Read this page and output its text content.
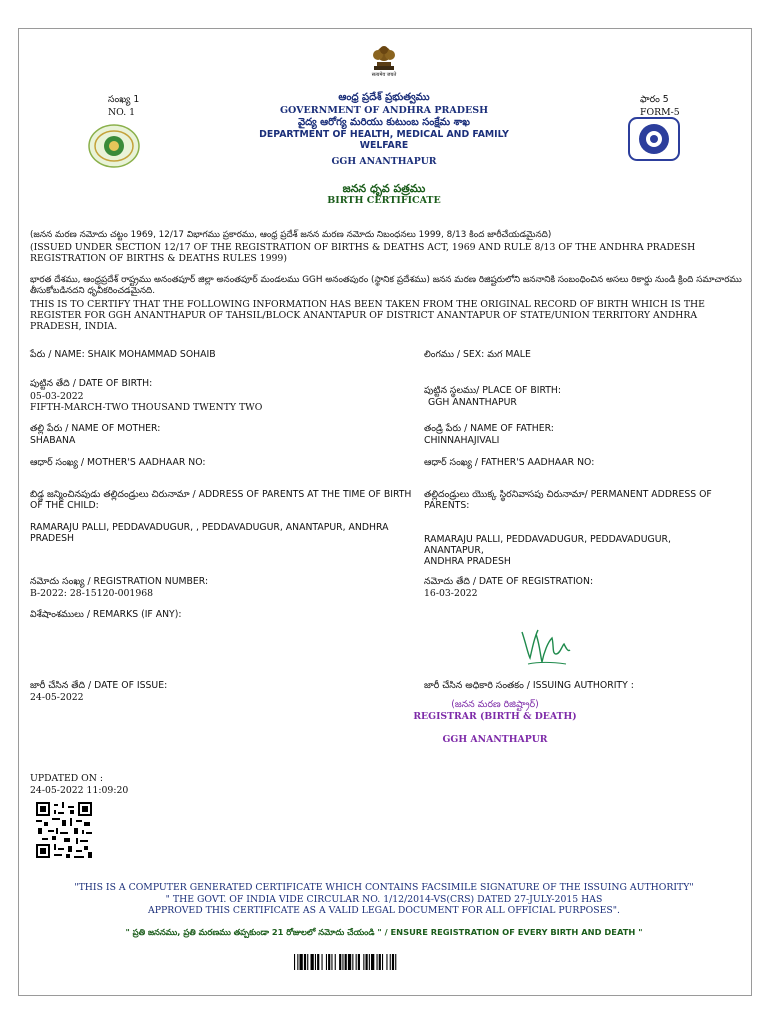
सत्यमेव जयते
సంఖ్య 1
NO. 1
ఆంధ్ర ప్రదేశ్ ప్రభుత్వము
GOVERNMENT OF ANDHRA PRADESH
వైద్య ఆరోగ్య మరియు కుటుంబ సంక్షేమ శాఖ
DEPARTMENT OF HEALTH, MEDICAL AND FAMILY WELFARE
ఫారం 5
FORM-5
GGH ANANTHAPUR
జనన ధృవ పత్రము
BIRTH CERTIFICATE
(జనన మరణ నమోదు చట్టం 1969, 12/17 విభాగము ప్రకారము, ఆంధ్ర ప్రదేశ్ జనన మరణ నమోదు నిబంధనలు 1999, 8/13 కింద జారీచేయడమైనది)
(ISSUED UNDER SECTION 12/17 OF THE REGISTRATION OF BIRTHS & DEATHS ACT, 1969 AND RULE 8/13 OF THE ANDHRA PRADESH REGISTRATION OF BIRTHS & DEATHS RULES 1999)
భారత దేశము, ఆంధ్రప్రదేశ్ రాష్ట్రము అనంతపూర్ జిల్లా అనంతపూర్ మండలము GGH అనంతపురం (స్థానిక ప్రదేశము) జనన మరణ రిజిష్టరులోని జననానికి సంబంధించిన అసలు రికార్డు నుండి క్రింది సమాచారము తీసుకోబడినదని ధృవీకరించడమైనది.
THIS IS TO CERTIFY THAT THE FOLLOWING INFORMATION HAS BEEN TAKEN FROM THE ORIGINAL RECORD OF BIRTH WHICH IS THE REGISTER FOR GGH ANANTHAPUR OF TAHSIL/BLOCK ANANTAPUR OF DISTRICT ANANTAPUR OF STATE/UNION TERRITORY ANDHRA PRADESH, INDIA.
పేరు / NAME: SHAIK MOHAMMAD SOHAIB	లింగము / SEX: మగ MALE
పుట్టిన తేది / DATE OF BIRTH:
05-03-2022
FIFTH-MARCH-TWO THOUSAND TWENTY TWO
పుట్టిన స్థలము/ PLACE OF BIRTH:
GGH ANANTHAPUR
తల్లి పేరు / NAME OF MOTHER:
SHABANA
తండ్రి పేరు / NAME OF FATHER:
CHINNAHAJIVALI
ఆధార్ సంఖ్య / MOTHER'S AADHAAR NO:	ఆధార్ సంఖ్య / FATHER'S AADHAAR NO:
బిడ్డ జన్మించినపుడు తల్లిదండ్రులు చిరునామా / ADDRESS OF PARENTS AT THE TIME OF BIRTH OF THE CHILD:
RAMARAJU PALLI, PEDDAVADUGUR, , PEDDAVADUGUR, ANANTAPUR, ANDHRA PRADESH
తల్లిదండ్రులు యొక్క స్థిరనివాసపు చిరునామా/ PERMANENT ADDRESS OF PARENTS:
RAMARAJU PALLI, PEDDAVADUGUR, PEDDAVADUGUR,
ANANTAPUR,
ANDHRA PRADESH
నమోదు సంఖ్య / REGISTRATION NUMBER:
B-2022: 28-15120-001968
నమోదు తేది / DATE OF REGISTRATION:
16-03-2022
విశేషాంశములు / REMARKS (IF ANY):
జారీ చేసిన తేది / DATE OF ISSUE:
24-05-2022
జారీ చేసిన అధికారి సంతకం / ISSUING AUTHORITY :
(జనన మరణ రిజిష్ట్రార్)
REGISTRAR (BIRTH & DEATH)
GGH ANANTHAPUR
UPDATED ON :
24-05-2022 11:09:20
"THIS IS A COMPUTER GENERATED CERTIFICATE WHICH CONTAINS FACSIMILE SIGNATURE OF THE ISSUING AUTHORITY"
" THE GOVT. OF INDIA VIDE CIRCULAR NO. 1/12/2014-VS(CRS) DATED 27-JULY-2015 HAS
APPROVED THIS CERTIFICATE AS A VALID LEGAL DOCUMENT FOR ALL OFFICIAL PURPOSES".
" ప్రతి జననము, ప్రతి మరణము తప్పకుండా 21 రోజులలో నమోదు చేయండి " / ENSURE REGISTRATION OF EVERY BIRTH AND DEATH "
